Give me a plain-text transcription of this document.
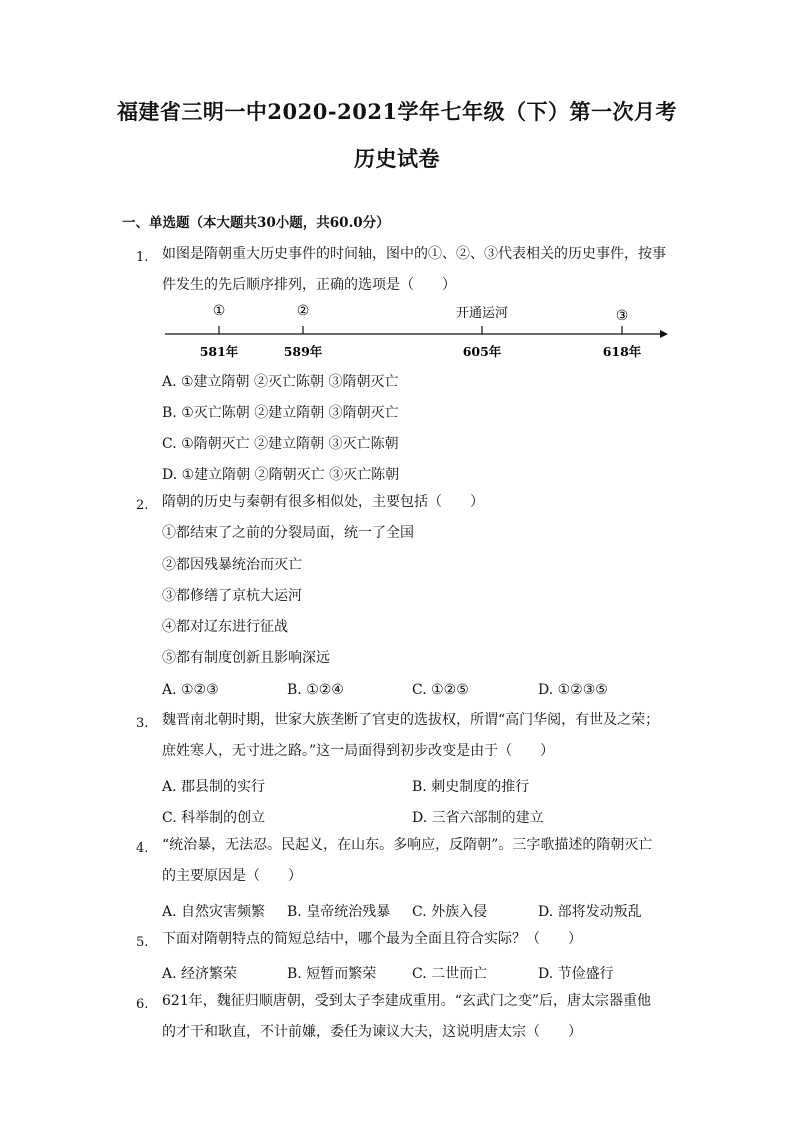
福建省三明一中2020-2021学年七年级（下）第一次月考
历史试卷
一、单选题（本大题共30小题，共60.0分）
1. 如图是隋朝重大历史事件的时间轴，图中的①、②、③代表相关的历史事件，按事
件发生的先后顺序排列，正确的选项是（　　）
①	②	开通运河	③
581年	589年	605年	618年
A. ①建立隋朝 ②灭亡陈朝 ③隋朝灭亡
B. ①灭亡陈朝 ②建立隋朝 ③隋朝灭亡
C. ①隋朝灭亡 ②建立隋朝 ③灭亡陈朝
D. ①建立隋朝 ②隋朝灭亡 ③灭亡陈朝
2. 隋朝的历史与秦朝有很多相似处，主要包括（　　）
①都结束了之前的分裂局面，统一了全国
②都因残暴统治而灭亡
③都修缮了京杭大运河
④都对辽东进行征战
⑤都有制度创新且影响深远
A. ①②③	B. ①②④	C. ①②⑤	D. ①②③⑤
3. 魏晋南北朝时期，世家大族垄断了官吏的选拔权，所谓“高门华阅，有世及之荣；
庶姓寒人，无寸进之路。”这一局面得到初步改变是由于（　　）
A. 郡县制的实行	B. 刺史制度的推行
C. 科举制的创立	D. 三省六部制的建立
4. “统治暴，无法忍。民起义，在山东。多响应，反隋朝”。三字歌描述的隋朝灭亡
的主要原因是（　　）
A. 自然灾害频繁 B. 皇帝统治残暴 C. 外族入侵	D. 部将发动叛乱
5. 下面对隋朝特点的简短总结中，哪个最为全面且符合实际？（　　）
A. 经济繁荣	B. 短暂而繁荣	C. 二世而亡	D. 节俭盛行
6. 621年，魏征归顺唐朝，受到太子李建成重用。“玄武门之变”后，唐太宗器重他
的才干和耿直，不计前嫌，委任为谏议大夫，这说明唐太宗（　　）
